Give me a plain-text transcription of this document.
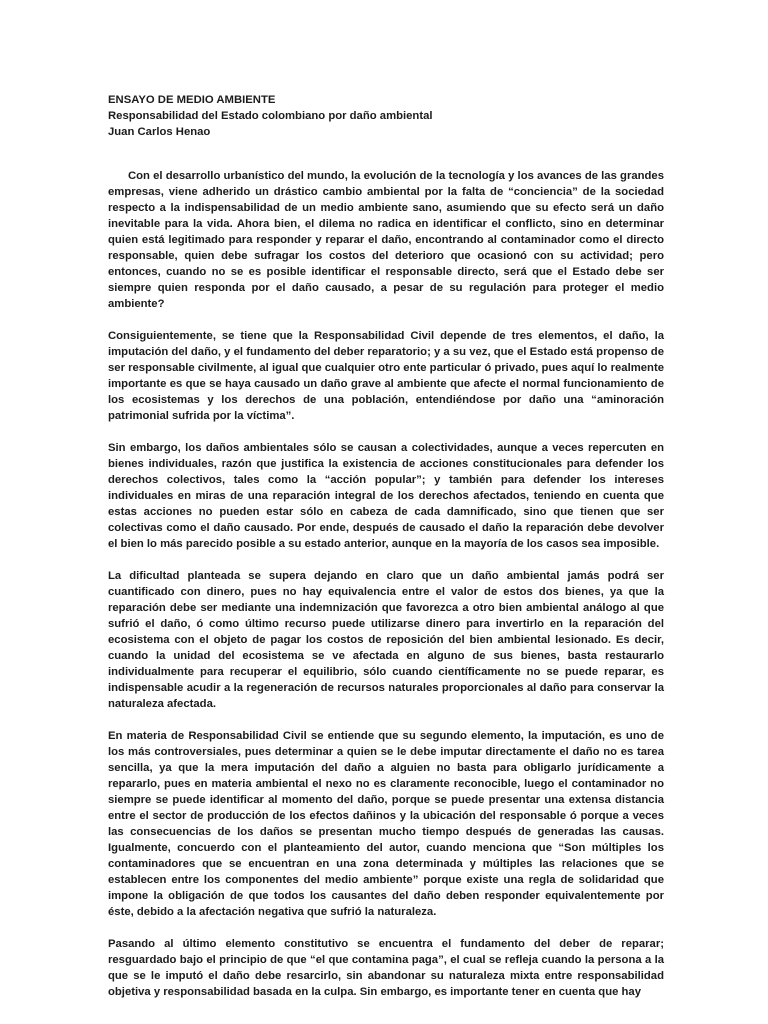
ENSAYO DE MEDIO AMBIENTE
Responsabilidad del Estado colombiano por daño ambiental
Juan Carlos Henao

Con el desarrollo urbanístico del mundo, la evolución de la tecnología y los avances de las grandes empresas, viene adherido un drástico cambio ambiental por la falta de “conciencia” de la sociedad respecto a la indispensabilidad de un medio ambiente sano, asumiendo que su efecto será un daño inevitable para la vida. Ahora bien, el dilema no radica en identificar el conflicto, sino en determinar quien está legitimado para responder y reparar el daño, encontrando al contaminador como el directo responsable, quien debe sufragar los costos del deterioro que ocasionó con su actividad; pero entonces, cuando no se es posible identificar el responsable directo, será que el Estado debe ser siempre quien responda por el daño causado, a pesar de su regulación para proteger el medio ambiente?

Consiguientemente, se tiene que la Responsabilidad Civil depende de tres elementos, el daño, la imputación del daño, y el fundamento del deber reparatorio; y a su vez, que el Estado está propenso de ser responsable civilmente, al igual que cualquier otro ente particular ó privado, pues aquí lo realmente importante es que se haya causado un daño grave al ambiente que afecte el normal funcionamiento de los ecosistemas y los derechos de una población, entendiéndose por daño una “aminoración patrimonial sufrida por la víctima”.

Sin embargo, los daños ambientales sólo se causan a colectividades, aunque a veces repercuten en bienes individuales, razón que justifica la existencia de acciones constitucionales para defender los derechos colectivos, tales como la “acción popular”; y también para defender los intereses individuales en miras de una reparación integral de los derechos afectados, teniendo en cuenta que estas acciones no pueden estar sólo en cabeza de cada damnificado, sino que tienen que ser colectivas como el daño causado. Por ende, después de causado el daño la reparación debe devolver el bien lo más parecido posible a su estado anterior, aunque en la mayoría de los casos sea imposible.

La dificultad planteada se supera dejando en claro que un daño ambiental jamás podrá ser cuantificado con dinero, pues no hay equivalencia entre el valor de estos dos bienes, ya que la reparación debe ser mediante una indemnización que favorezca a otro bien ambiental análogo al que sufrió el daño, ó como último recurso puede utilizarse dinero para invertirlo en la reparación del ecosistema con el objeto de pagar los costos de reposición del bien ambiental lesionado. Es decir, cuando la unidad del ecosistema se ve afectada en alguno de sus bienes, basta restaurarlo individualmente para recuperar el equilibrio, sólo cuando científicamente no se puede reparar, es indispensable acudir a la regeneración de recursos naturales proporcionales al daño para conservar la naturaleza afectada.

En materia de Responsabilidad Civil se entiende que su segundo elemento, la imputación, es uno de los más controversiales, pues determinar a quien se le debe imputar directamente el daño no es tarea sencilla, ya que la mera imputación del daño a alguien no basta para obligarlo jurídicamente a repararlo, pues en materia ambiental el nexo no es claramente reconocible, luego el contaminador no siempre se puede identificar al momento del daño, porque se puede presentar una extensa distancia entre el sector de producción de los efectos dañinos y la ubicación del responsable ó porque a veces las consecuencias de los daños se presentan mucho tiempo después de generadas las causas. Igualmente, concuerdo con el planteamiento del autor, cuando menciona que “Son múltiples los contaminadores que se encuentran en una zona determinada y múltiples las relaciones que se establecen entre los componentes del medio ambiente” porque existe una regla de solidaridad que impone la obligación de que todos los causantes del daño deben responder equivalentemente por éste, debido a la afectación negativa que sufrió la naturaleza.

Pasando al último elemento constitutivo se encuentra el fundamento del deber de reparar; resguardado bajo el principio de que “el que contamina paga”, el cual se refleja cuando la persona a la que se le imputó el daño debe resarcirlo, sin abandonar su naturaleza mixta entre responsabilidad objetiva y responsabilidad basada en la culpa. Sin embargo, es importante tener en cuenta que hay
